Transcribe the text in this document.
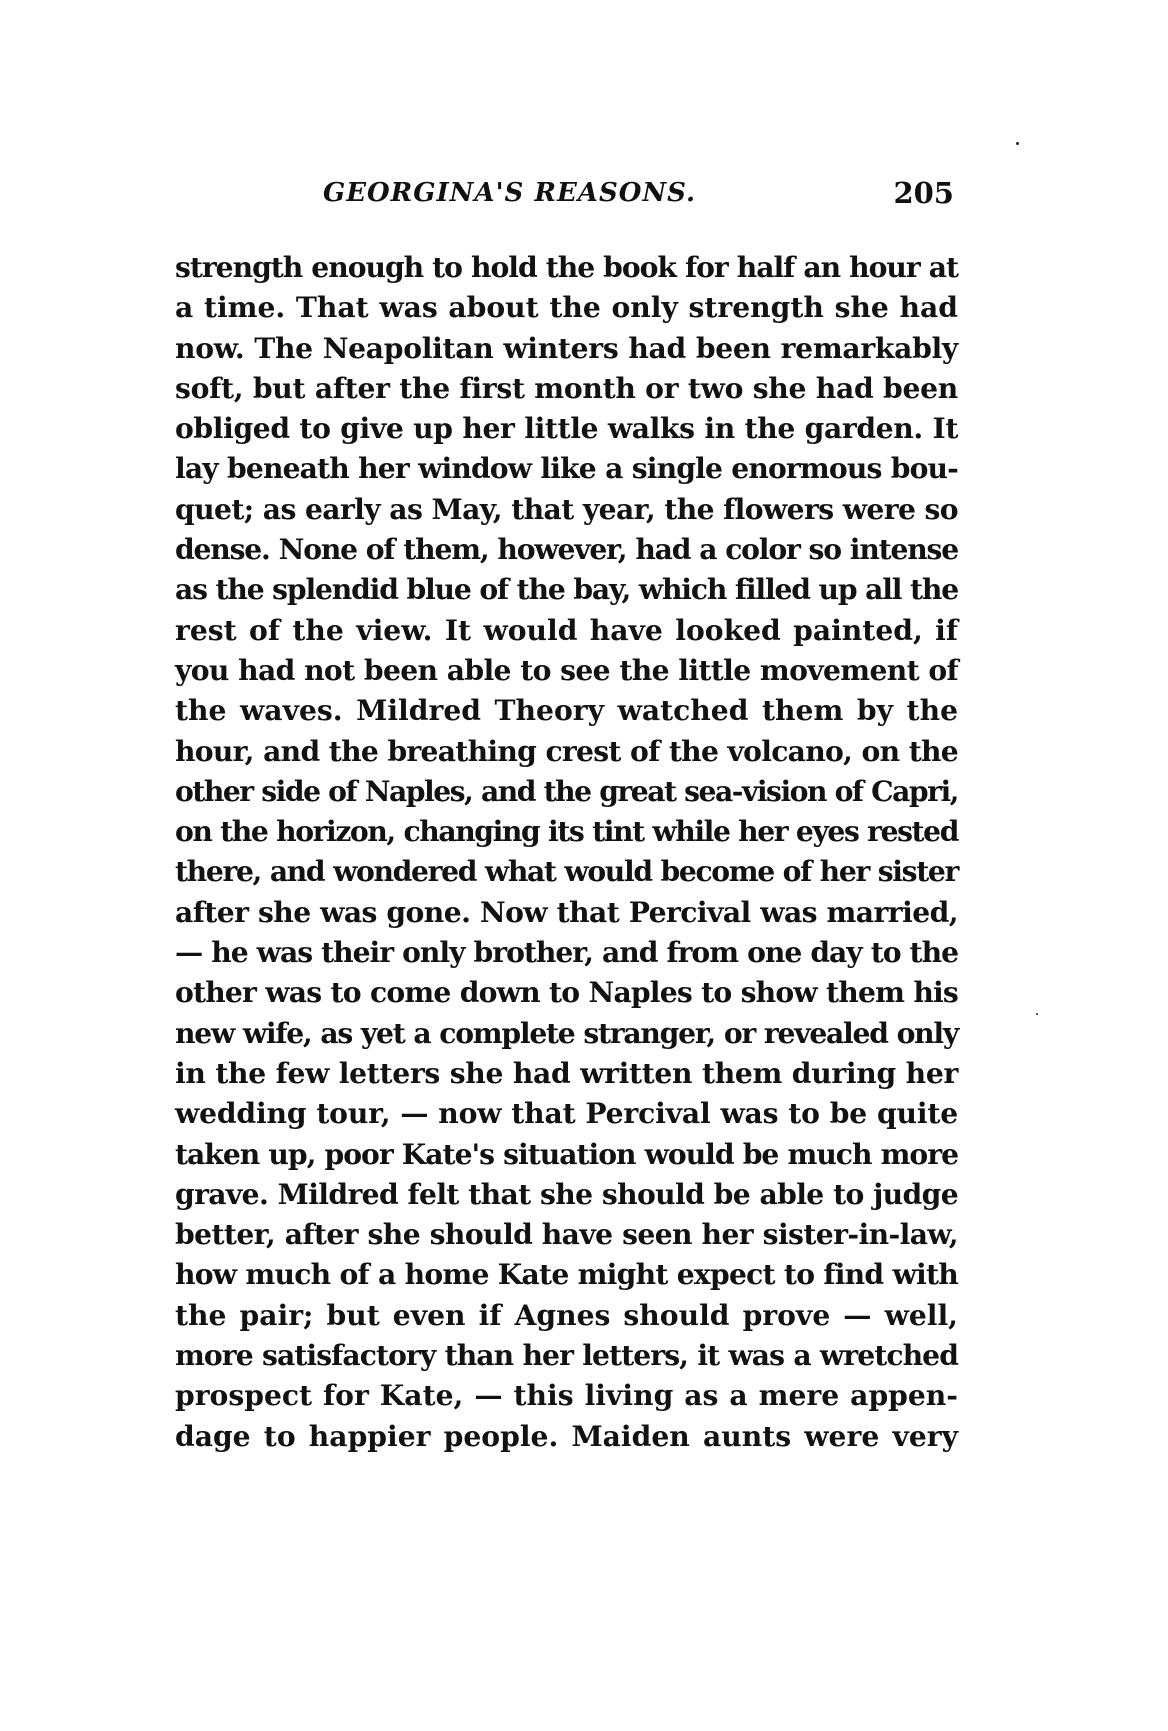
GEORGINA'S REASONS.	205
strength enough to hold the book for half an hour at
a time. That was about the only strength she had
now. The Neapolitan winters had been remarkably
soft, but after the first month or two she had been
obliged to give up her little walks in the garden. It
lay beneath her window like a single enormous bou-
quet; as early as May, that year, the flowers were so
dense. None of them, however, had a color so intense
as the splendid blue of the bay, which filled up all the
rest of the view. It would have looked painted, if
you had not been able to see the little movement of
the waves. Mildred Theory watched them by the
hour, and the breathing crest of the volcano, on the
other side of Naples, and the great sea-vision of Capri,
on the horizon, changing its tint while her eyes rested
there, and wondered what would become of her sister
after she was gone. Now that Percival was married,
— he was their only brother, and from one day to the
other was to come down to Naples to show them his
new wife, as yet a complete stranger, or revealed only
in the few letters she had written them during her
wedding tour, — now that Percival was to be quite
taken up, poor Kate's situation would be much more
grave. Mildred felt that she should be able to judge
better, after she should have seen her sister-in-law,
how much of a home Kate might expect to find with
the pair; but even if Agnes should prove — well,
more satisfactory than her letters, it was a wretched
prospect for Kate, — this living as a mere appen-
dage to happier people. Maiden aunts were very
